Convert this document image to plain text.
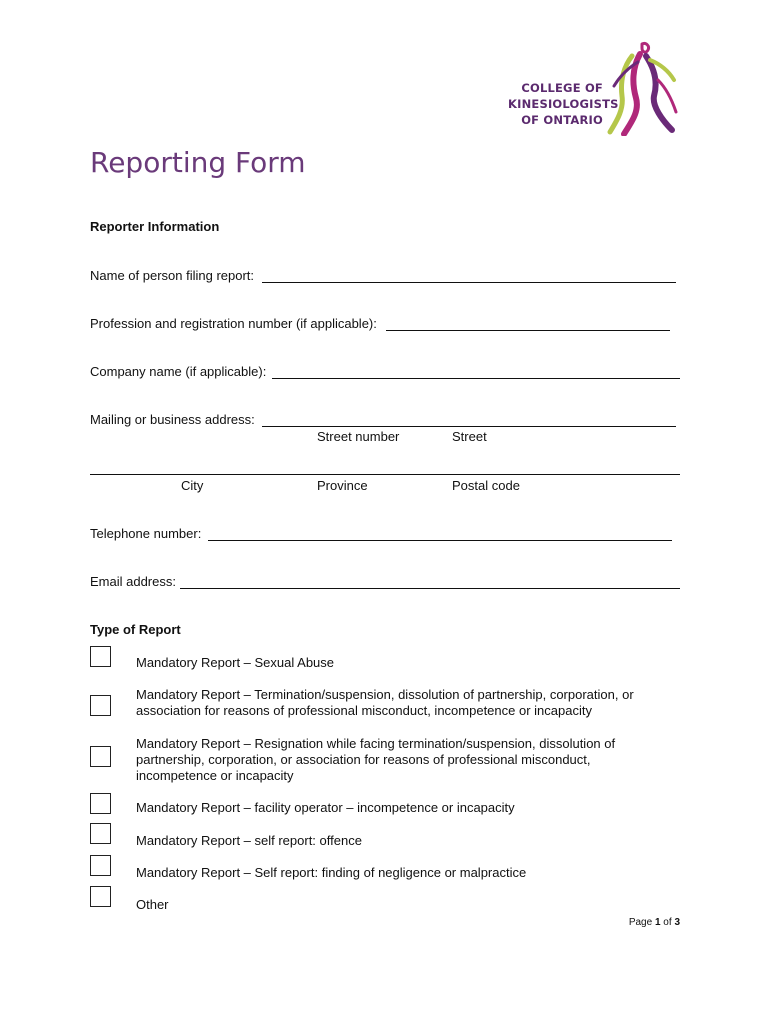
COLLEGE OF
KINESIOLOGISTS
OF ONTARIO
Reporting Form
Reporter Information
Name of person filing report:
Profession and registration number (if applicable):
Company name (if applicable):
Mailing or business address:
Street number	Street
City	Province	Postal code
Telephone number:
Email address:
Type of Report
Mandatory Report – Sexual Abuse
Mandatory Report – Termination/suspension, dissolution of partnership, corporation, or association for reasons of professional misconduct, incompetence or incapacity
Mandatory Report – Resignation while facing termination/suspension, dissolution of partnership, corporation, or association for reasons of professional misconduct, incompetence or incapacity
Mandatory Report – facility operator – incompetence or incapacity
Mandatory Report – self report: offence
Mandatory Report – Self report: finding of negligence or malpractice
Other
Page 1 of 3
